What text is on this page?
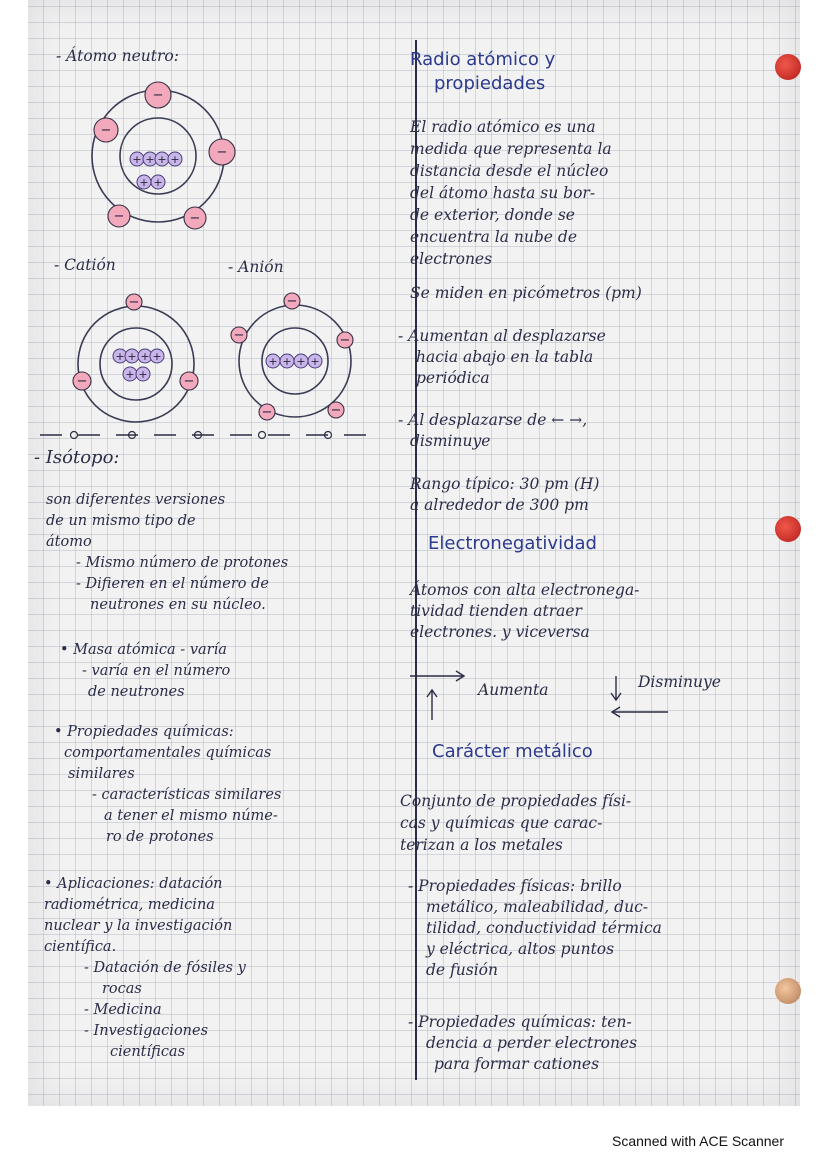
- Átomo neutro:
+ + + +
+ +
−
−
−
−	−
- Catión	- Anión
+ + + +
+ +
−
−	−
+ + + +
−
−	−
−	−
- Isótopo:
son diferentes versiones
de un mismo tipo de
átomo
- Mismo número de protones
- Difieren en el número de
neutrones en su núcleo.
• Masa atómica - varía
- varía en el número
de neutrones
• Propiedades químicas:
comportamentales químicas
similares
- características similares
a tener el mismo núme-
ro de protones
• Aplicaciones: datación
radiométrica, medicina
nuclear y la investigación
científica.
- Datación de fósiles y
rocas
- Medicina
- Investigaciones
científicas
Radio atómico y
propiedades
El radio atómico es una
medida que representa la
distancia desde el núcleo
del átomo hasta su bor-
de exterior, donde se
encuentra la nube de
electrones
Se miden en picómetros (pm)
- Aumentan al desplazarse
hacia abajo en la tabla
periódica
- Al desplazarse de ← →,
disminuye
Rango típico: 30 pm (H)
a alrededor de 300 pm
Electronegatividad
Átomos con alta electronega-
tividad tienden atraer
electrones. y viceversa
Aumenta	Disminuye
Carácter metálico
Conjunto de propiedades físi-
cas y químicas que carac-
terizan a los metales
- Propiedades físicas: brillo
metálico, maleabilidad, duc-
tilidad, conductividad térmica
y eléctrica, altos puntos
de fusión
- Propiedades químicas: ten-
dencia a perder electrones
para formar cationes
Scanned with ACE Scanner
